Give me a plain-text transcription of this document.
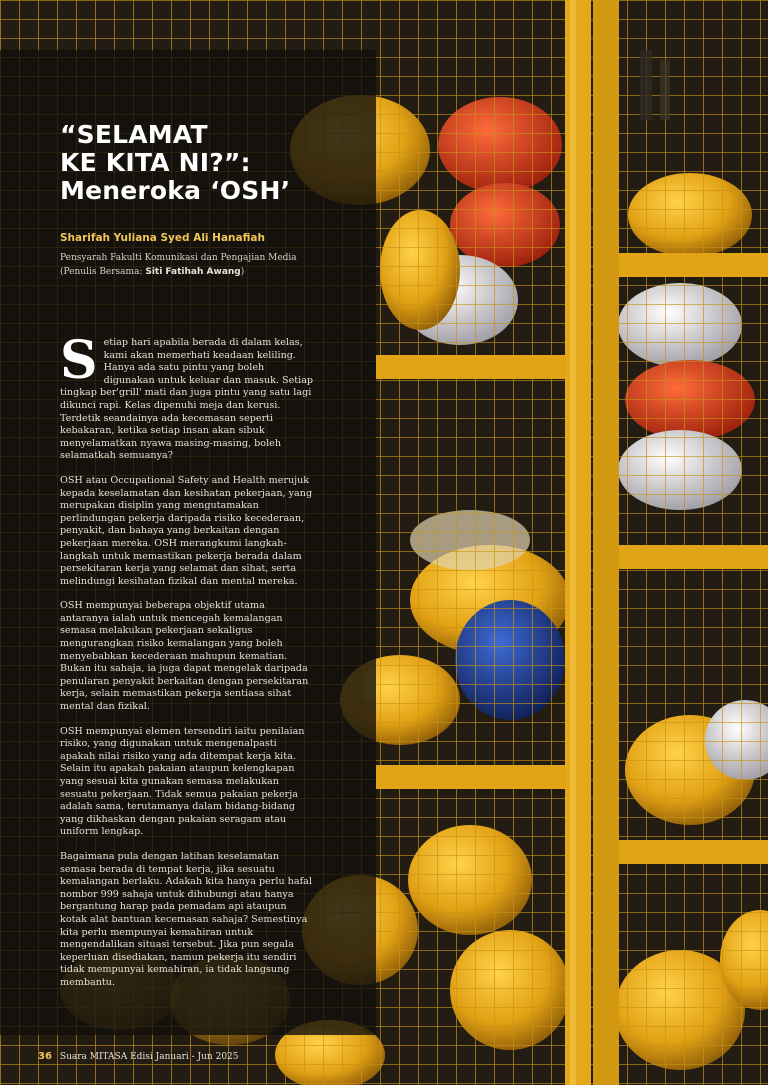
“SELAMAT
KE KITA NI?”:
Meneroka ‘OSH’

Sharifah Yuliana Syed Ali Hanafiah

Pensyarah Fakulti Komunikasi dan Pengajian Media
(Penulis Bersama: Siti Fatihah Awang)

Setiap hari apabila berada di dalam kelas, kami akan memerhati keadaan keliling. Hanya ada satu pintu yang boleh digunakan untuk keluar dan masuk. Setiap tingkap ber'grill' mati dan juga pintu yang satu lagi dikunci rapi. Kelas dipenuhi meja dan kerusi. Terdetik seandainya ada kecemasan seperti kebakaran, ketika setiap insan akan sibuk menyelamatkan nyawa masing-masing, boleh selamatkah semuanya?

OSH atau Occupational Safety and Health merujuk kepada keselamatan dan kesihatan pekerjaan, yang merupakan disiplin yang mengutamakan perlindungan pekerja daripada risiko kecederaan, penyakit, dan bahaya yang berkaitan dengan pekerjaan mereka. OSH merangkumi langkah-langkah untuk memastikan pekerja berada dalam persekitaran kerja yang selamat dan sihat, serta melindungi kesihatan fizikal dan mental mereka.

OSH mempunyai beberapa objektif utama antaranya ialah untuk mencegah kemalangan semasa melakukan pekerjaan sekaligus mengurangkan risiko kemalangan yang boleh menyebabkan kecederaan mahupun kematian. Bukan itu sahaja, ia juga dapat mengelak daripada penularan penyakit berkaitan dengan persekitaran kerja, selain memastikan pekerja sentiasa sihat mental dan fizikal.

OSH mempunyai elemen tersendiri iaitu penilaian risiko, yang digunakan untuk mengenalpasti apakah nilai risiko yang ada ditempat kerja kita. Selain itu apakah pakaian ataupun kelengkapan yang sesuai kita gunakan semasa melakukan sesuatu pekerjaan. Tidak semua pakaian pekerja adalah sama, terutamanya dalam bidang-bidang yang dikhaskan dengan pakaian seragam atau uniform lengkap.

Bagaimana pula dengan latihan keselamatan semasa berada di tempat kerja, jika sesuatu kemalangan berlaku. Adakah kita hanya perlu hafal nombor 999 sahaja untuk dihubungi atau hanya bergantung harap pada pemadam api ataupun kotak alat bantuan kecemasan sahaja? Semestinya kita perlu mempunyai kemahiran untuk mengendalikan situasi tersebut. Jika pun segala keperluan disediakan, namun pekerja itu sendiri tidak mempunyai kemahiran, ia tidak langsung membantu.

36 Suara MITASA Edisi Januari - Jun 2025
